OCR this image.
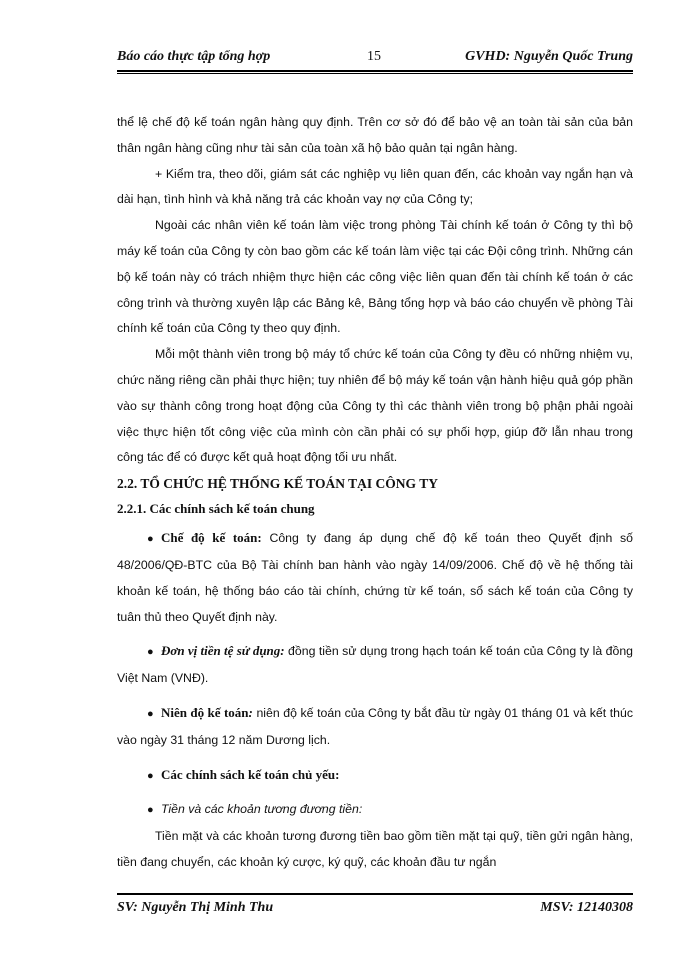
Báo cáo thực tập tổng hợp	15	GVHD: Nguyễn Quốc Trung

thể lệ chế độ kế toán ngân hàng quy định. Trên cơ sở đó để bảo vệ an toàn tài sản của bản thân ngân hàng cũng như tài sản của toàn xã hộ bảo quản tại ngân hàng.

+ Kiểm tra, theo dõi, giám sát các nghiệp vụ liên quan đến, các khoản vay ngắn hạn và dài hạn, tình hình và khả năng trả các khoản vay nợ của Công ty;

Ngoài các nhân viên kế toán làm việc trong phòng Tài chính kế toán ở Công ty thì bộ máy kế toán của Công ty còn bao gồm các kế toán làm việc tại các Đội công trình. Những cán bộ kế toán này có trách nhiệm thực hiện các công việc liên quan đến tài chính kế toán ở các công trình và thường xuyên lập các Bảng kê, Bảng tổng hợp và báo cáo chuyển về phòng Tài chính kế toán của Công ty theo quy định.

Mỗi một thành viên trong bộ máy tổ chức kế toán của Công ty đều có những nhiệm vụ, chức năng riêng cần phải thực hiện; tuy nhiên để bộ máy kế toán vận hành hiệu quả góp phần vào sự thành công trong hoạt động của Công ty thì các thành viên trong bộ phận phải ngoài việc thực hiện tốt công việc của mình còn cần phải có sự phối hợp, giúp đỡ lẫn nhau trong công tác để có được kết quả hoạt động tối ưu nhất.

2.2. TỔ CHỨC HỆ THỐNG KẾ TOÁN TẠI CÔNG TY

2.2.1. Các chính sách kế toán chung

● Chế độ kế toán: Công ty đang áp dụng chế độ kế toán theo Quyết định số 48/2006/QĐ-BTC của Bộ Tài chính ban hành vào ngày 14/09/2006. Chế độ về hệ thống tài khoản kế toán, hệ thống báo cáo tài chính, chứng từ kế toán, sổ sách kế toán của Công ty tuân thủ theo Quyết định này.

● Đơn vị tiền tệ sử dụng: đồng tiền sử dụng trong hạch toán kế toán của Công ty là đồng Việt Nam (VNĐ).

● Niên độ kế toán: niên độ kế toán của Công ty bắt đầu từ ngày 01 tháng 01 và kết thúc vào ngày 31 tháng 12 năm Dương lịch.

● Các chính sách kế toán chủ yếu:

● Tiền và các khoản tương đương tiền:

Tiền mặt và các khoản tương đương tiền bao gồm tiền mặt tại quỹ, tiền gửi ngân hàng, tiền đang chuyển, các khoản ký cược, ký quỹ, các khoản đầu tư ngắn

SV: Nguyễn Thị Minh Thu	MSV: 12140308
